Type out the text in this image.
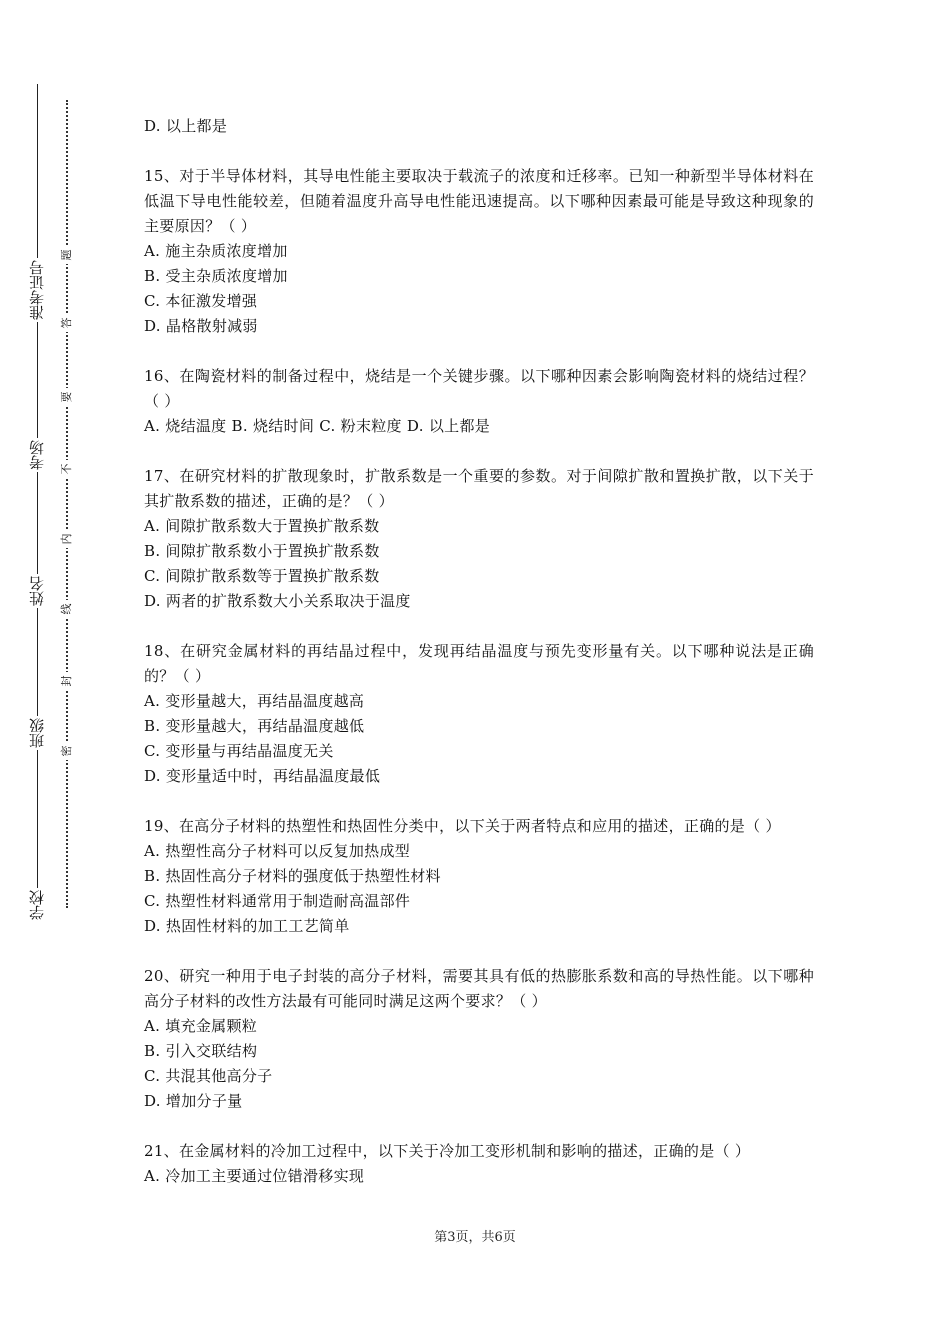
准考证号
考场
姓名
班级
学校
题
答
要
不
内
线
封
密

D. 以上都是

15、对于半导体材料，其导电性能主要取决于载流子的浓度和迁移率。已知一种新型半导体材料在低温下导电性能较差，但随着温度升高导电性能迅速提高。以下哪种因素最可能是导致这种现象的主要原因？（ ）

A. 施主杂质浓度增加

B. 受主杂质浓度增加

C. 本征激发增强

D. 晶格散射减弱

16、在陶瓷材料的制备过程中，烧结是一个关键步骤。以下哪种因素会影响陶瓷材料的烧结过程？（ ）

A. 烧结温度 B. 烧结时间 C. 粉末粒度 D. 以上都是

17、在研究材料的扩散现象时，扩散系数是一个重要的参数。对于间隙扩散和置换扩散，以下关于其扩散系数的描述，正确的是？（ ）

A. 间隙扩散系数大于置换扩散系数

B. 间隙扩散系数小于置换扩散系数

C. 间隙扩散系数等于置换扩散系数

D. 两者的扩散系数大小关系取决于温度

18、在研究金属材料的再结晶过程中，发现再结晶温度与预先变形量有关。以下哪种说法是正确的？（ ）

A. 变形量越大，再结晶温度越高

B. 变形量越大，再结晶温度越低

C. 变形量与再结晶温度无关

D. 变形量适中时，再结晶温度最低

19、在高分子材料的热塑性和热固性分类中，以下关于两者特点和应用的描述，正确的是（ ）

A. 热塑性高分子材料可以反复加热成型

B. 热固性高分子材料的强度低于热塑性材料

C. 热塑性材料通常用于制造耐高温部件

D. 热固性材料的加工工艺简单

20、研究一种用于电子封装的高分子材料，需要其具有低的热膨胀系数和高的导热性能。以下哪种高分子材料的改性方法最有可能同时满足这两个要求？（ ）

A. 填充金属颗粒

B. 引入交联结构

C. 共混其他高分子

D. 增加分子量

21、在金属材料的冷加工过程中，以下关于冷加工变形机制和影响的描述，正确的是（ ）

A. 冷加工主要通过位错滑移实现

第3页，共6页
